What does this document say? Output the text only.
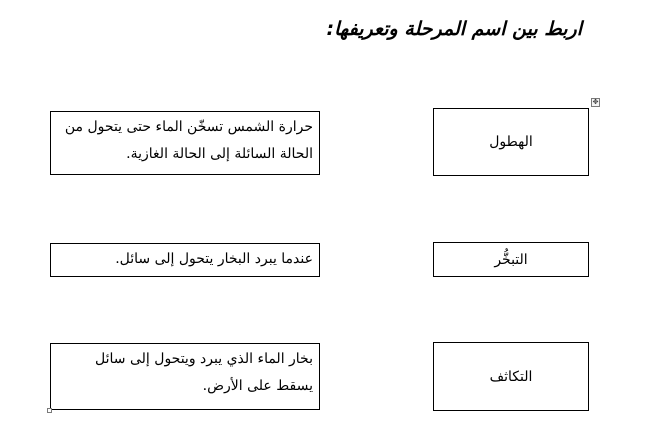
اربط بين اسم المرحلة وتعريفها:
✥
الهطول
التبخُّر
التكاثف
حرارة الشمس تسخّن الماء حتى يتحول من الحالة السائلة إلى الحالة الغازية.
عندما يبرد البخار يتحول إلى سائل.
بخار الماء الذي يبرد ويتحول إلى سائل يسقط على الأرض.
